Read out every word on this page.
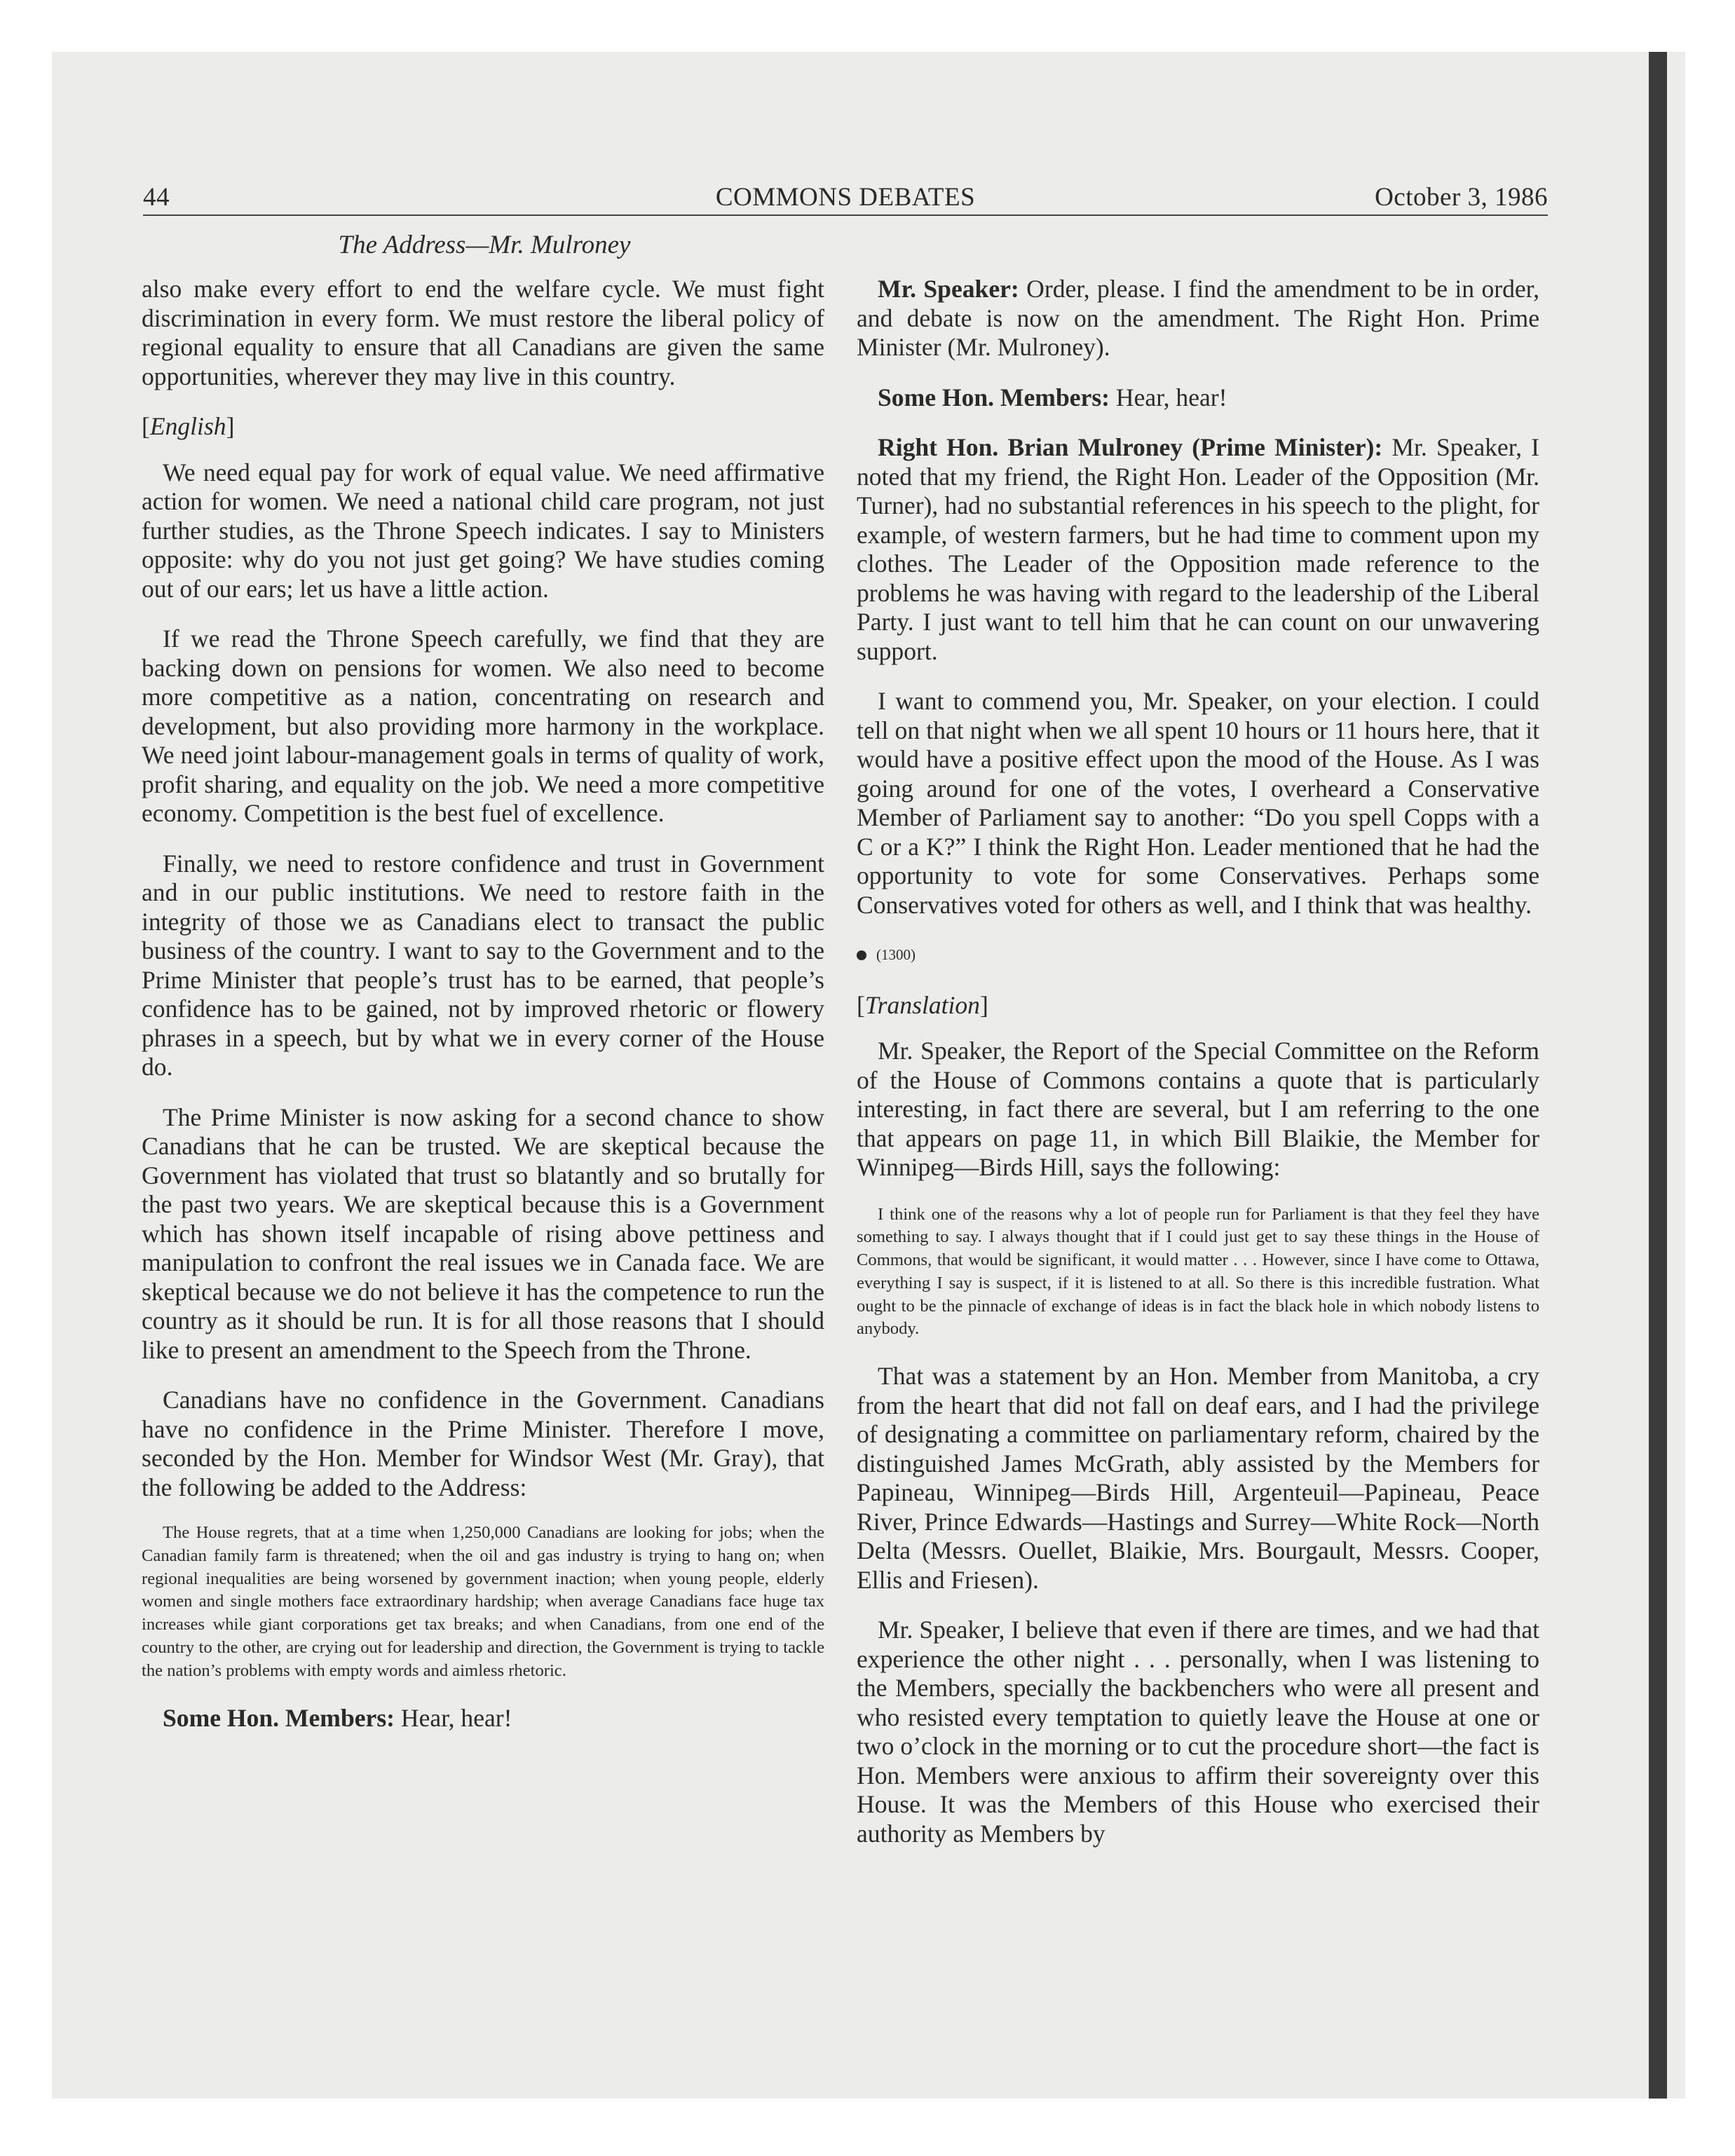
44	COMMONS DEBATES	October 3, 1986
The Address—Mr. Mulroney

also make every effort to end the welfare cycle. We must fight discrimination in every form. We must restore the liberal policy of regional equality to ensure that all Canadians are given the same opportunities, wherever they may live in this country.

[English]

We need equal pay for work of equal value. We need affirmative action for women. We need a national child care program, not just further studies, as the Throne Speech indicates. I say to Ministers opposite: why do you not just get going? We have studies coming out of our ears; let us have a little action.

If we read the Throne Speech carefully, we find that they are backing down on pensions for women. We also need to become more competitive as a nation, concentrating on research and development, but also providing more harmony in the workplace. We need joint labour-management goals in terms of quality of work, profit sharing, and equality on the job. We need a more competitive economy. Competition is the best fuel of excellence.

Finally, we need to restore confidence and trust in Government and in our public institutions. We need to restore faith in the integrity of those we as Canadians elect to transact the public business of the country. I want to say to the Government and to the Prime Minister that people’s trust has to be earned, that people’s confidence has to be gained, not by improved rhetoric or flowery phrases in a speech, but by what we in every corner of the House do.

The Prime Minister is now asking for a second chance to show Canadians that he can be trusted. We are skeptical because the Government has violated that trust so blatantly and so brutally for the past two years. We are skeptical because this is a Government which has shown itself incapable of rising above pettiness and manipulation to confront the real issues we in Canada face. We are skeptical because we do not believe it has the competence to run the country as it should be run. It is for all those reasons that I should like to present an amendment to the Speech from the Throne.

Canadians have no confidence in the Government. Canadians have no confidence in the Prime Minister. Therefore I move, seconded by the Hon. Member for Windsor West (Mr. Gray), that the following be added to the Address:

The House regrets, that at a time when 1,250,000 Canadians are looking for jobs; when the Canadian family farm is threatened; when the oil and gas industry is trying to hang on; when regional inequalities are being worsened by government inaction; when young people, elderly women and single mothers face extraordinary hardship; when average Canadians face huge tax increases while giant corporations get tax breaks; and when Canadians, from one end of the country to the other, are crying out for leadership and direction, the Government is trying to tackle the nation’s problems with empty words and aimless rhetoric.

Some Hon. Members: Hear, hear!

Mr. Speaker: Order, please. I find the amendment to be in order, and debate is now on the amendment. The Right Hon. Prime Minister (Mr. Mulroney).

Some Hon. Members: Hear, hear!

Right Hon. Brian Mulroney (Prime Minister): Mr. Speaker, I noted that my friend, the Right Hon. Leader of the Opposition (Mr. Turner), had no substantial references in his speech to the plight, for example, of western farmers, but he had time to comment upon my clothes. The Leader of the Opposition made reference to the problems he was having with regard to the leadership of the Liberal Party. I just want to tell him that he can count on our unwavering support.

I want to commend you, Mr. Speaker, on your election. I could tell on that night when we all spent 10 hours or 11 hours here, that it would have a positive effect upon the mood of the House. As I was going around for one of the votes, I overheard a Conservative Member of Parliament say to another: “Do you spell Copps with a C or a K?” I think the Right Hon. Leader mentioned that he had the opportunity to vote for some Conservatives. Perhaps some Conservatives voted for others as well, and I think that was healthy.

(1300)
[Translation]

Mr. Speaker, the Report of the Special Committee on the Reform of the House of Commons contains a quote that is particularly interesting, in fact there are several, but I am referring to the one that appears on page 11, in which Bill Blaikie, the Member for Winnipeg—Birds Hill, says the following:

I think one of the reasons why a lot of people run for Parliament is that they feel they have something to say. I always thought that if I could just get to say these things in the House of Commons, that would be significant, it would matter . . . However, since I have come to Ottawa, everything I say is suspect, if it is listened to at all. So there is this incredible fustration. What ought to be the pinnacle of exchange of ideas is in fact the black hole in which nobody listens to anybody.

That was a statement by an Hon. Member from Manitoba, a cry from the heart that did not fall on deaf ears, and I had the privilege of designating a committee on parliamentary reform, chaired by the distinguished James McGrath, ably assisted by the Members for Papineau, Winnipeg—Birds Hill, Argenteuil—Papineau, Peace River, Prince Edwards—Hastings and Surrey—White Rock—North Delta (Messrs. Ouellet, Blaikie, Mrs. Bourgault, Messrs. Cooper, Ellis and Friesen).

Mr. Speaker, I believe that even if there are times, and we had that experience the other night . . . personally, when I was listening to the Members, specially the backbenchers who were all present and who resisted every temptation to quietly leave the House at one or two o’clock in the morning or to cut the procedure short—the fact is Hon. Members were anxious to affirm their sovereignty over this House. It was the Members of this House who exercised their authority as Members by
